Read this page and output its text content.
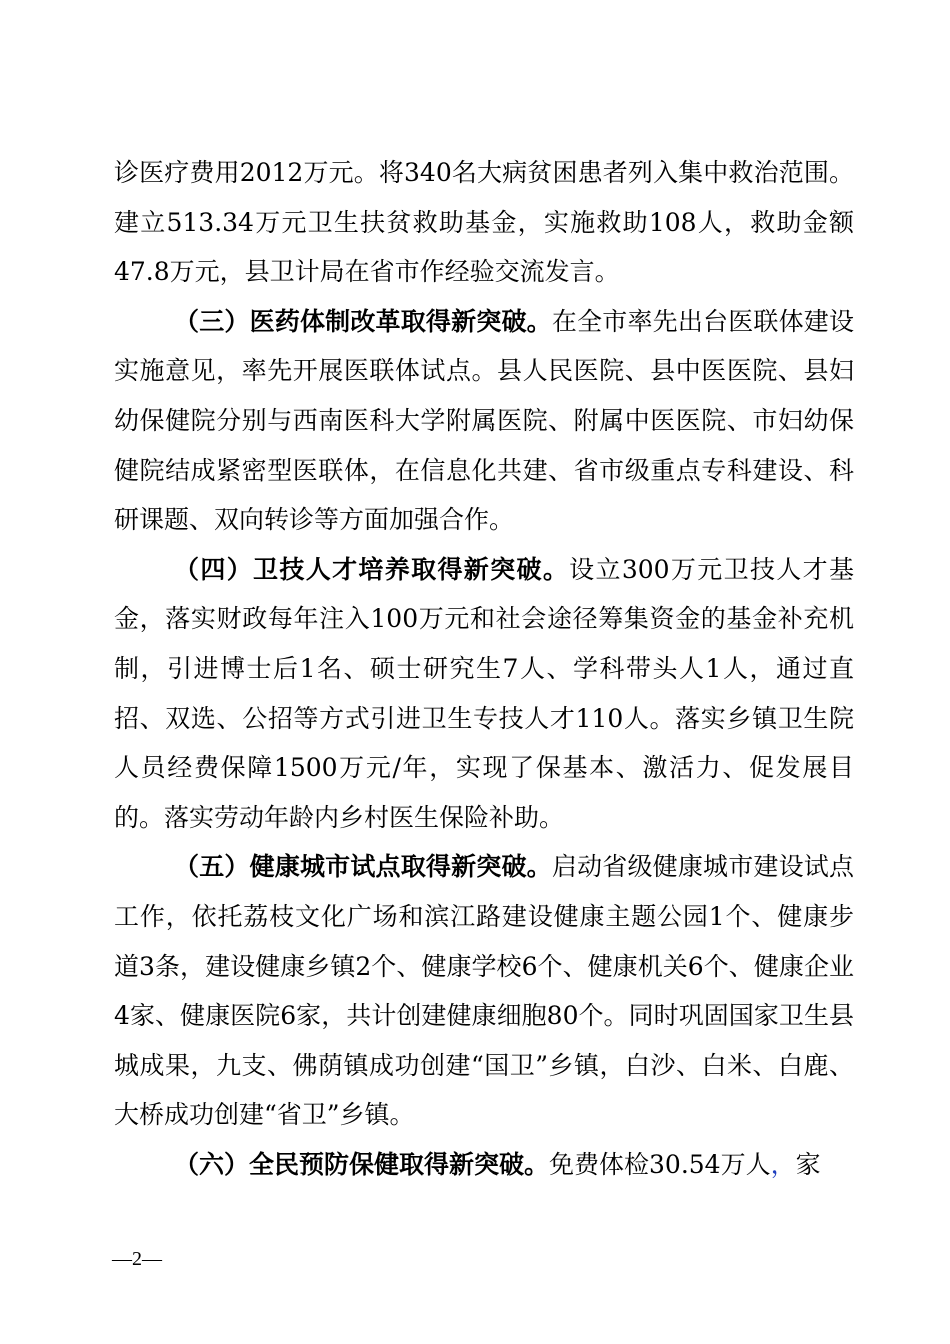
诊医疗费用2012万元。将340名大病贫困患者列入集中救治范围。建立513.34万元卫生扶贫救助基金，实施救助108人，救助金额47.8万元，县卫计局在省市作经验交流发言。

（三）医药体制改革取得新突破。在全市率先出台医联体建设实施意见，率先开展医联体试点。县人民医院、县中医医院、县妇幼保健院分别与西南医科大学附属医院、附属中医医院、市妇幼保健院结成紧密型医联体，在信息化共建、省市级重点专科建设、科研课题、双向转诊等方面加强合作。

（四）卫技人才培养取得新突破。设立300万元卫技人才基金，落实财政每年注入100万元和社会途径筹集资金的基金补充机制，引进博士后1名、硕士研究生7人、学科带头人1人，通过直招、双选、公招等方式引进卫生专技人才110人。落实乡镇卫生院人员经费保障1500万元/年，实现了保基本、激活力、促发展目的。落实劳动年龄内乡村医生保险补助。

（五）健康城市试点取得新突破。启动省级健康城市建设试点工作，依托荔枝文化广场和滨江路建设健康主题公园1个、健康步道3条，建设健康乡镇2个、健康学校6个、健康机关6个、健康企业4家、健康医院6家，共计创建健康细胞80个。同时巩固国家卫生县城成果，九支、佛荫镇成功创建“国卫”乡镇，白沙、白米、白鹿、大桥成功创建“省卫”乡镇。

（六）全民预防保健取得新突破。免费体检30.54万人，家

—2—
